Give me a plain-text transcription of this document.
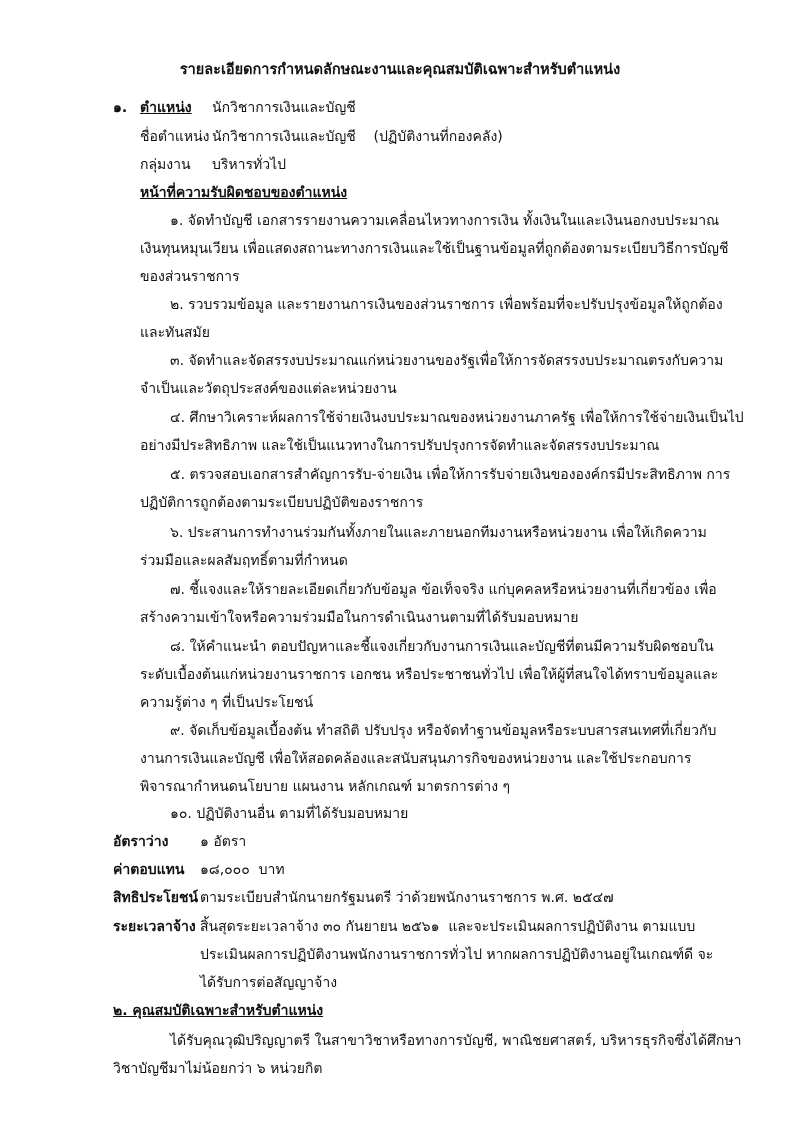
รายละเอียดการกำหนดลักษณะงานและคุณสมบัติเฉพาะสำหรับตำแหน่ง
๑. ตำแหน่ง นักวิชาการเงินและบัญชี
ชื่อตำแหน่ง นักวิชาการเงินและบัญชี    (ปฏิบัติงานที่กองคลัง)
กลุ่มงาน บริหารทั่วไป
หน้าที่ความรับผิดชอบของตำแหน่ง
๑. จัดทำบัญชี เอกสารรายงานความเคลื่อนไหวทางการเงิน ทั้งเงินในและเงินนอกงบประมาณ
เงินทุนหมุนเวียน เพื่อแสดงสถานะทางการเงินและใช้เป็นฐานข้อมูลที่ถูกต้องตามระเบียบวิธีการบัญชี
ของส่วนราชการ
๒. รวบรวมข้อมูล และรายงานการเงินของส่วนราชการ เพื่อพร้อมที่จะปรับปรุงข้อมูลให้ถูกต้อง
และทันสมัย
๓. จัดทำและจัดสรรงบประมาณแก่หน่วยงานของรัฐเพื่อให้การจัดสรรงบประมาณตรงกับความ
จำเป็นและวัตถุประสงค์ของแต่ละหน่วยงาน
๔. ศึกษาวิเคราะห์ผลการใช้จ่ายเงินงบประมาณของหน่วยงานภาครัฐ เพื่อให้การใช้จ่ายเงินเป็นไป
อย่างมีประสิทธิภาพ และใช้เป็นแนวทางในการปรับปรุงการจัดทำและจัดสรรงบประมาณ
๕. ตรวจสอบเอกสารสำคัญการรับ-จ่ายเงิน เพื่อให้การรับจ่ายเงินขององค์กรมีประสิทธิภาพ การ
ปฏิบัติการถูกต้องตามระเบียบปฏิบัติของราชการ
๖. ประสานการทำงานร่วมกันทั้งภายในและภายนอกทีมงานหรือหน่วยงาน เพื่อให้เกิดความ
ร่วมมือและผลสัมฤทธิ์ตามที่กำหนด
๗. ชี้แจงและให้รายละเอียดเกี่ยวกับข้อมูล ข้อเท็จจริง แก่บุคคลหรือหน่วยงานที่เกี่ยวข้อง เพื่อ
สร้างความเข้าใจหรือความร่วมมือในการดำเนินงานตามที่ได้รับมอบหมาย
๘. ให้คำแนะนำ ตอบปัญหาและชี้แจงเกี่ยวกับงานการเงินและบัญชีที่ตนมีความรับผิดชอบใน
ระดับเบื้องต้นแก่หน่วยงานราชการ เอกชน หรือประชาชนทั่วไป เพื่อให้ผู้ที่สนใจได้ทราบข้อมูลและ
ความรู้ต่าง ๆ ที่เป็นประโยชน์
๙. จัดเก็บข้อมูลเบื้องต้น ทำสถิติ ปรับปรุง หรือจัดทำฐานข้อมูลหรือระบบสารสนเทศที่เกี่ยวกับ
งานการเงินและบัญชี เพื่อให้สอดคล้องและสนับสนุนภารกิจของหน่วยงาน และใช้ประกอบการ
พิจารณากำหนดนโยบาย แผนงาน หลักเกณฑ์ มาตรการต่าง ๆ
๑๐. ปฏิบัติงานอื่น ตามที่ได้รับมอบหมาย
อัตราว่าง ๑ อัตรา
ค่าตอบแทน ๑๘,๐๐๐  บาท
สิทธิประโยชน์ ตามระเบียบสำนักนายกรัฐมนตรี ว่าด้วยพนักงานราชการ พ.ศ. ๒๕๔๗
ระยะเวลาจ้าง สิ้นสุดระยะเวลาจ้าง ๓๐ กันยายน ๒๕๖๑  และจะประเมินผลการปฏิบัติงาน ตามแบบ
ประเมินผลการปฏิบัติงานพนักงานราชการทั่วไป หากผลการปฏิบัติงานอยู่ในเกณฑ์ดี จะ
ได้รับการต่อสัญญาจ้าง
๒. คุณสมบัติเฉพาะสำหรับตำแหน่ง
ได้รับคุณวุฒิปริญญาตรี ในสาขาวิชาหรือทางการบัญชี, พาณิชยศาสตร์, บริหารธุรกิจซึ่งได้ศึกษา
วิชาบัญชีมาไม่น้อยกว่า ๖ หน่วยกิต
